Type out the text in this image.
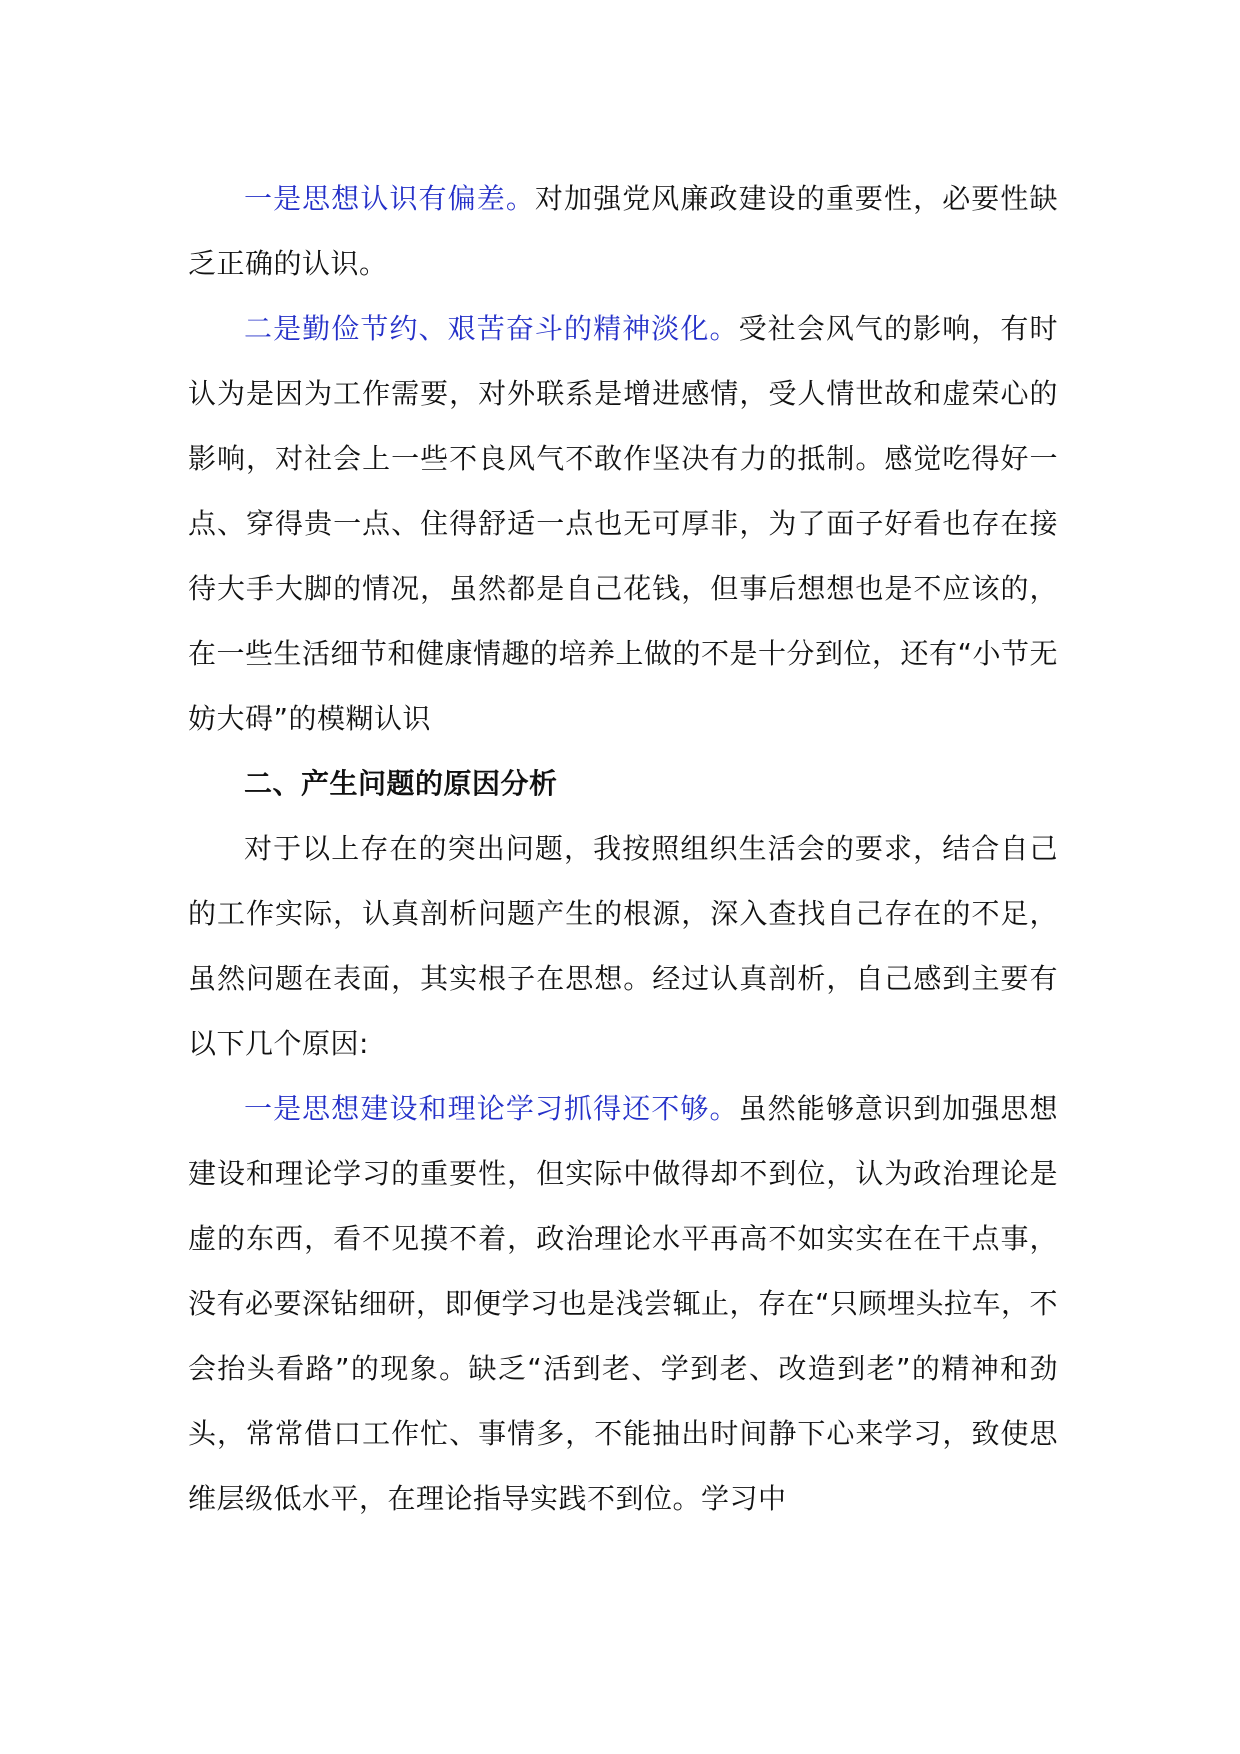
一是思想认识有偏差。对加强党风廉政建设的重要性，必要性缺乏正确的认识。

二是勤俭节约、艰苦奋斗的精神淡化。受社会风气的影响，有时认为是因为工作需要，对外联系是增进感情，受人情世故和虚荣心的影响，对社会上一些不良风气不敢作坚决有力的抵制。感觉吃得好一点、穿得贵一点、住得舒适一点也无可厚非，为了面子好看也存在接待大手大脚的情况，虽然都是自己花钱，但事后想想也是不应该的，在一些生活细节和健康情趣的培养上做的不是十分到位，还有“小节无妨大碍”的模糊认识

二、产生问题的原因分析

对于以上存在的突出问题，我按照组织生活会的要求，结合自己的工作实际，认真剖析问题产生的根源，深入查找自己存在的不足，虽然问题在表面，其实根子在思想。经过认真剖析，自己感到主要有以下几个原因:

一是思想建设和理论学习抓得还不够。虽然能够意识到加强思想建设和理论学习的重要性，但实际中做得却不到位，认为政治理论是虚的东西，看不见摸不着，政治理论水平再高不如实实在在干点事，没有必要深钻细研，即便学习也是浅尝辄止，存在“只顾埋头拉车，不会抬头看路”的现象。缺乏“活到老、学到老、改造到老”的精神和劲头，常常借口工作忙、事情多，不能抽出时间静下心来学习，致使思维层级低水平，在理论指导实践不到位。学习中
